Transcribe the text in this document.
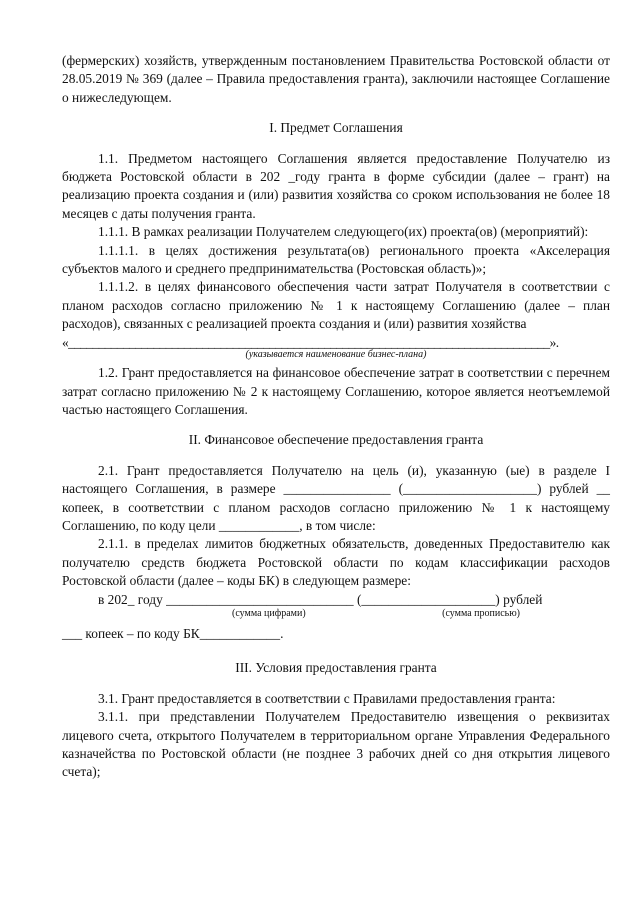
(фермерских) хозяйств, утвержденным постановлением Правительства Ростовской области от 28.05.2019 № 369 (далее – Правила предоставления гранта), заключили настоящее Соглашение о нижеследующем.

I. Предмет Соглашения

1.1. Предметом настоящего Соглашения является предоставление Получателю из бюджета Ростовской области в 202 _году гранта в форме субсидии (далее – грант) на реализацию проекта создания и (или) развития хозяйства со сроком использования не более 18 месяцев с даты получения гранта.

1.1.1. В рамках реализации Получателем следующего(их) проекта(ов) (мероприятий):

1.1.1.1. в целях достижения результата(ов) регионального проекта «Акселерация субъектов малого и среднего предпринимательства (Ростовская область)»;

1.1.1.2. в целях финансового обеспечения части затрат Получателя в соответствии с планом расходов согласно приложению № 1 к настоящему Соглашению (далее – план расходов), связанных с реализацией проекта создания и (или) развития хозяйства

«_______________________________________________________________________________».

(указывается наименование бизнес-плана)

1.2. Грант предоставляется на финансовое обеспечение затрат в соответствии с перечнем затрат согласно приложению № 2 к настоящему Соглашению, которое является неотъемлемой частью настоящего Соглашения.

II. Финансовое обеспечение предоставления гранта

2.1. Грант предоставляется Получателю на цель (и), указанную (ые) в разделе I настоящего Соглашения, в размере ________________ (____________________) рублей __ копеек, в соответствии с планом расходов согласно приложению № 1 к настоящему Соглашению, по коду цели ____________, в том числе:

2.1.1. в пределах лимитов бюджетных обязательств, доведенных Предоставителю как получателю средств бюджета Ростовской области по кодам классификации расходов Ростовской области (далее – коды БК) в следующем размере:

в 202_ году ____________________________ (____________________) рублей

(сумма цифрами)	(сумма прописью)

___ копеек – по коду БК____________.

III. Условия предоставления гранта

3.1. Грант предоставляется в соответствии с Правилами предоставления гранта:

3.1.1. при представлении Получателем Предоставителю извещения о реквизитах лицевого счета, открытого Получателем в территориальном органе Управления Федерального казначейства по Ростовской области (не позднее 3 рабочих дней со дня открытия лицевого счета);
